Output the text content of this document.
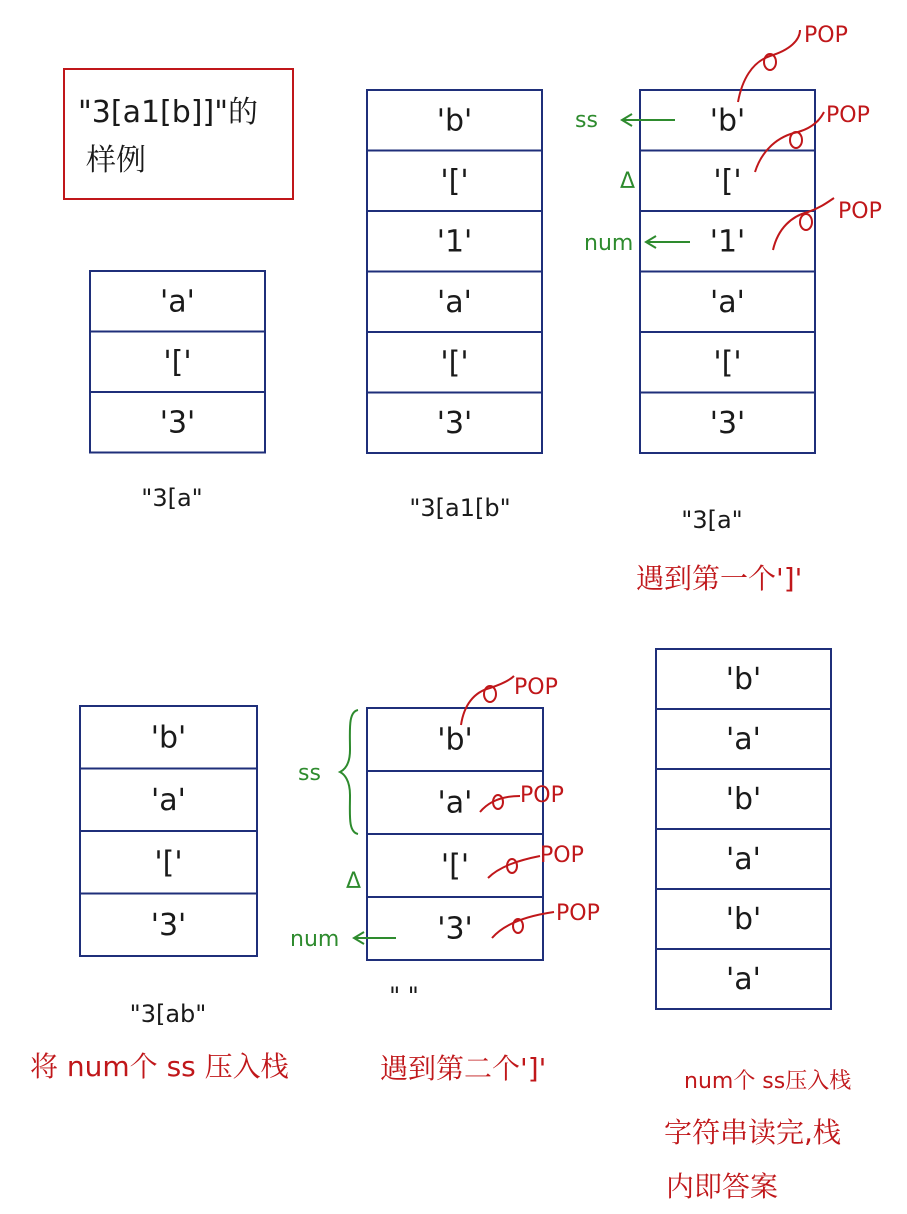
"3[a1[b]]"的
样例
'a'
'['
'3'
"3[a"
'b'
'['
'1'
'a'
'['
'3'
"3[a1[b"
'b'
'['
'1'
'a'
'['
'3'
"3[a"
遇到第一个']'
'b'
'a'
'['
'3'
"3[ab"
将 num个 ss 压入栈
'b'
'a'
'['
'3'
" "
遇到第二个']'
'b'
'a'
'b'
'a'
'b'
'a'
POP
POP
POP
ss
Δ
num
POP
POP
POP
POP
ss
Δ
num
num个 ss压入栈
字符串读完,栈
内即答案
